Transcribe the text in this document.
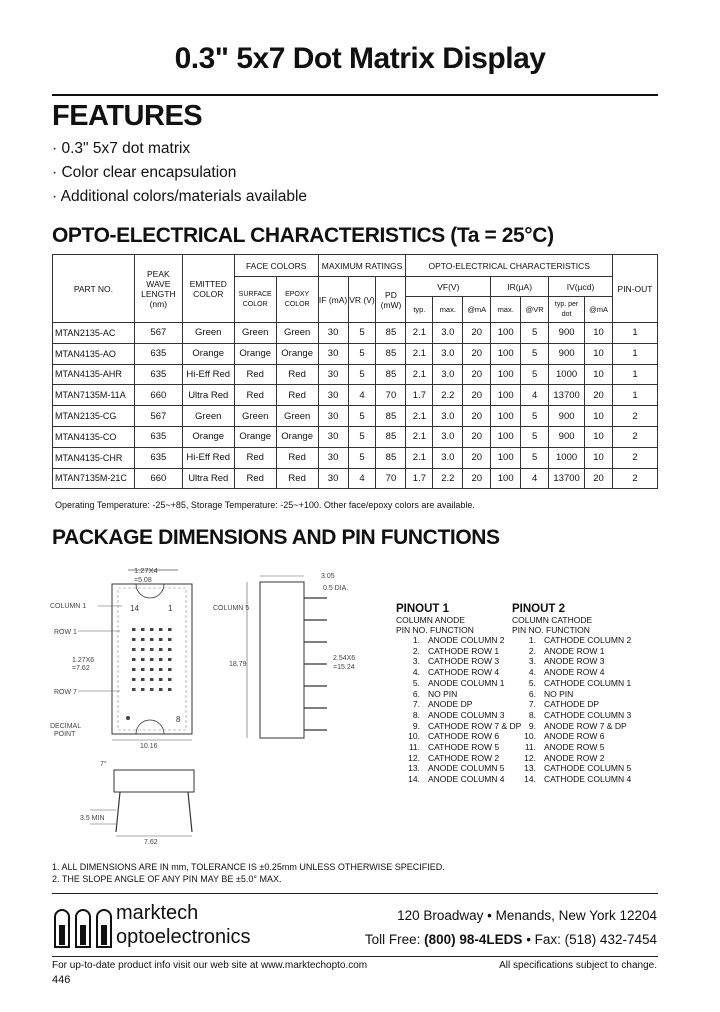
0.3" 5x7 Dot Matrix Display
FEATURES
· 0.3" 5x7 dot matrix
· Color clear encapsulation
· Additional colors/materials available
OPTO-ELECTRICAL CHARACTERISTICS (Ta = 25°C)
PART NO.	PEAK WAVE LENGTH (nm)	EMITTED COLOR	FACE COLORS		MAXIMUM RATINGS			OPTO-ELECTRICAL CHARACTERISTICS							PIN-OUT
			SURFACE COLOR	EPOXY COLOR	IF (mA)	VR (V)	PD (mW)	VF(V)			IR(µA)		IV(µcd)		
								typ.	max.	@mA	max.	@VR	typ. per dot	@mA	
MTAN2135-AC	567	Green	Green	Green	30	5	85	2.1	3.0	20	100	5	900	10	1
MTAN4135-AO	635	Orange	Orange	Orange	30	5	85	2.1	3.0	20	100	5	900	10	1
MTAN4135-AHR	635	Hi-Eff Red	Red	Red	30	5	85	2.1	3.0	20	100	5	1000	10	1
MTAN7135M-11A	660	Ultra Red	Red	Red	30	4	70	1.7	2.2	20	100	4	13700	20	1
MTAN2135-CG	567	Green	Green	Green	30	5	85	2.1	3.0	20	100	5	900	10	2
MTAN4135-CO	635	Orange	Orange	Orange	30	5	85	2.1	3.0	20	100	5	900	10	2
MTAN4135-CHR	635	Hi-Eff Red	Red	Red	30	5	85	2.1	3.0	20	100	5	1000	10	2
MTAN7135M-21C	660	Ultra Red	Red	Red	30	4	70	1.7	2.2	20	100	4	13700	20	2
Operating Temperature: -25~+85, Storage Temperature: -25~+100. Other face/epoxy colors are available.
PACKAGE DIMENSIONS AND PIN FUNCTIONS
1.27X4
=5.08
COLUMN 1	14	1
ROW 1
1.27X6
=7.62
ROW 7
DECIMAL
POINT
8
10.16
COLUMN 5
3.05
0.5 DIA.
18.79
2.54X6
=15.24
7°
3.5 MIN
7.62
PINOUT 1
COLUMN ANODE
PIN NO. FUNCTION
1. ANODE COLUMN 2
2. CATHODE ROW 1
3. CATHODE ROW 3
4. CATHODE ROW 4
5. ANODE COLUMN 1
6. NO PIN
7. ANODE DP
8. ANODE COLUMN 3
9. CATHODE ROW 7 & DP
10. CATHODE ROW 6
11. CATHODE ROW 5
12. CATHODE ROW 2
13. ANODE COLUMN 5
14. ANODE COLUMN 4
PINOUT 2
COLUMN CATHODE
PIN NO. FUNCTION
1. CATHODE COLUMN 2
2. ANODE ROW 1
3. ANODE ROW 3
4. ANODE ROW 4
5. CATHODE COLUMN 1
6. NO PIN
7. CATHODE DP
8. CATHODE COLUMN 3
9. ANODE ROW 7 & DP
10. ANODE ROW 6
11. ANODE ROW 5
12. ANODE ROW 2
13. CATHODE COLUMN 5
14. CATHODE COLUMN 4
1. ALL DIMENSIONS ARE IN mm, TOLERANCE IS ±0.25mm UNLESS OTHERWISE SPECIFIED.
2. THE SLOPE ANGLE OF ANY PIN MAY BE ±5.0° MAX.
marktech
optoelectronics
120 Broadway • Menands, New York 12204
Toll Free: (800) 98-4LEDS • Fax: (518) 432-7454
For up-to-date product info visit our web site at www.marktechopto.com	All specifications subject to change.
446
